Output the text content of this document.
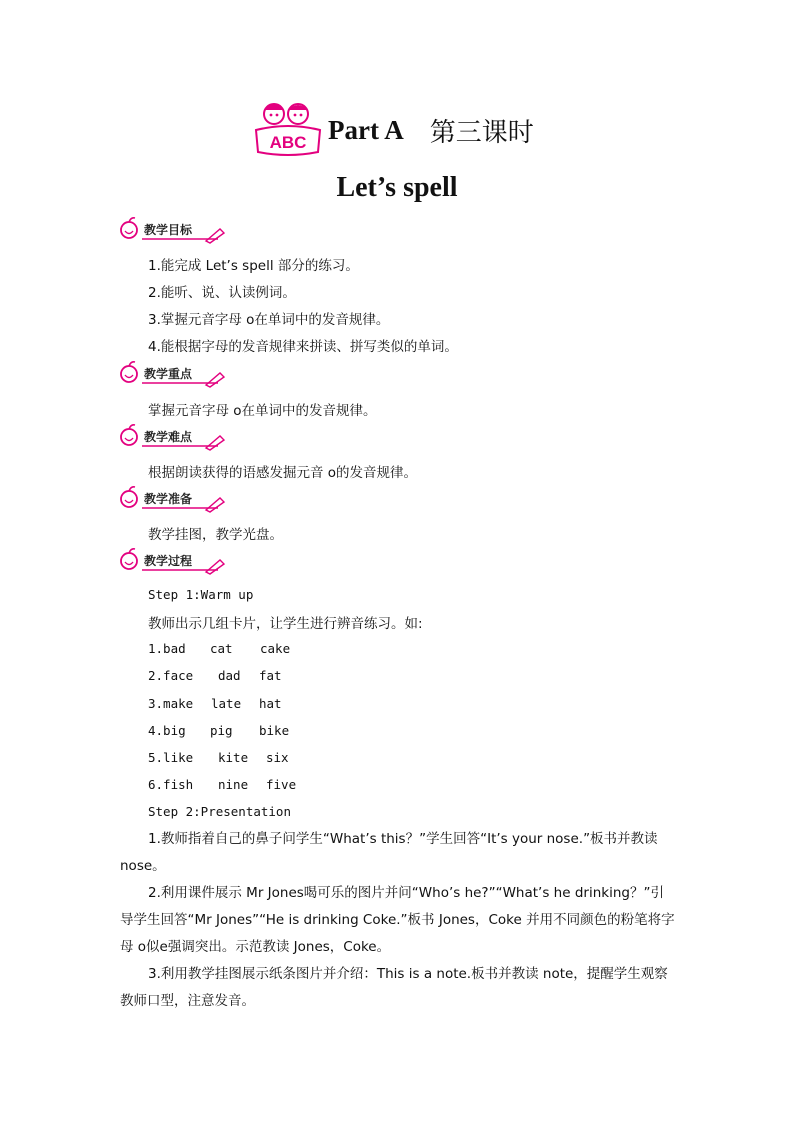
ABC Part A 第三课时
Let’s spell
教学目标
1.能完成 Let’s spell 部分的练习。
2.能听、说、认读例词。
3.掌握元音字母 o在单词中的发音规律。
4.能根据字母的发音规律来拼读、拼写类似的单词。
教学重点
掌握元音字母 o在单词中的发音规律。
教学难点
根据朗读获得的语感发掘元音 o的发音规律。
教学准备
教学挂图，教学光盘。
教学过程
Step 1:Warm up
教师出示几组卡片，让学生进行辨音练习。如:
1.bad cat cake
2.face dad fat
3.make late hat
4.big pig bike
5.like kite six
6.fish nine five
Step 2:Presentation
1.教师指着自己的鼻子问学生“What’s this？”学生回答“It’s your nose.”板书并教读 nose。
2.利用课件展示 Mr Jones喝可乐的图片并问“Who’s he?”“What’s he drinking？”引导学生回答“Mr Jones”“He is drinking Coke.”板书 Jones，Coke 并用不同颜色的粉笔将字母 o似e强调突出。示范教读 Jones，Coke。
3.利用教学挂图展示纸条图片并介绍：This is a note.板书并教读 note，提醒学生观察教师口型，注意发音。
